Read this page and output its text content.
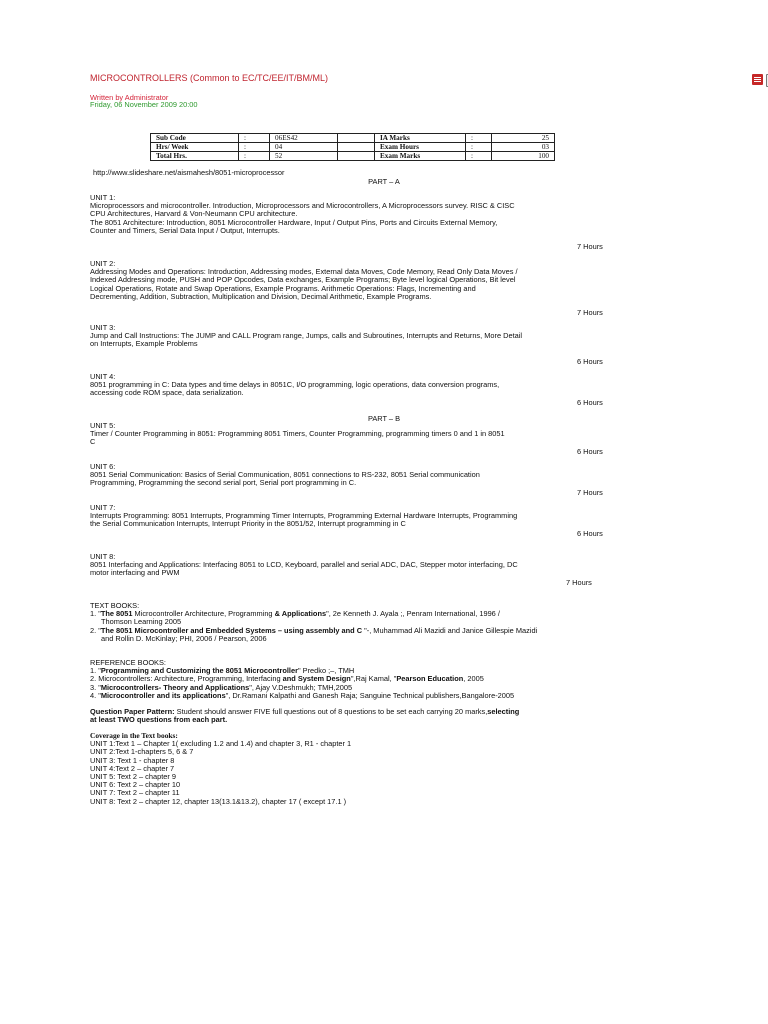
MICROCONTROLLERS (Common to EC/TC/EE/IT/BM/ML)
Written by Administrator
Friday, 06 November 2009 20:00
Sub Code	:	06ES42		IA Marks	:	25
Hrs/ Week	:	04		Exam Hours	:	03
Total Hrs.	:	52		Exam Marks	:	100
http://www.slideshare.net/aismahesh/8051-microprocessor
PART – A
UNIT 1:
Microprocessors and microcontroller. Introduction, Microprocessors and Microcontrollers, A Microprocessors survey. RISC & CISC
CPU Architectures, Harvard & Von-Neumann CPU architecture.
The 8051 Architecture: Introduction, 8051 Microcontroller Hardware, Input / Output Pins, Ports and Circuits External Memory,
Counter and Timers, Serial Data Input / Output, Interrupts.
7 Hours
UNIT 2:
Addressing Modes and Operations: Introduction, Addressing modes, External data Moves, Code Memory, Read Only Data Moves /
Indexed Addressing mode, PUSH and POP Opcodes, Data exchanges, Example Programs; Byte level logical Operations, Bit level
Logical Operations, Rotate and Swap Operations, Example Programs. Arithmetic Operations: Flags, Incrementing and
Decrementing, Addition, Subtraction, Multiplication and Division, Decimal Arithmetic, Example Programs.
7 Hours
UNIT 3:
Jump and Call Instructions: The JUMP and CALL Program range, Jumps, calls and Subroutines, Interrupts and Returns, More Detail
on Interrupts, Example Problems
6 Hours
UNIT 4:
8051 programming in C: Data types and time delays in 8051C, I/O programming, logic operations, data conversion programs,
accessing code ROM space, data serialization.
6 Hours
PART – B
UNIT 5:
Timer / Counter Programming in 8051: Programming 8051 Timers, Counter Programming, programming timers 0 and 1 in 8051
C
6 Hours
UNIT 6:
8051 Serial Communication: Basics of Serial Communication, 8051 connections to RS-232, 8051 Serial communication
Programming, Programming the second serial port, Serial port programming in C.
7 Hours
UNIT 7:
Interrupts Programming: 8051 Interrupts, Programming Timer Interrupts, Programming External Hardware Interrupts, Programming
the Serial Communication Interrupts, Interrupt Priority in the 8051/52, Interrupt programming in C
6 Hours
UNIT 8:
8051 Interfacing and Applications: Interfacing 8051 to LCD, Keyboard, parallel and serial ADC, DAC, Stepper motor interfacing, DC
motor interfacing and PWM
7 Hours
TEXT BOOKS:
1. "The 8051 Microcontroller Architecture, Programming & Applications", 2e Kenneth J. Ayala ;, Penram International, 1996 /
Thomson Learning 2005
2. "The 8051 Microcontroller and Embedded Systems – using assembly and C "-, Muhammad Ali Mazidi and Janice Gillespie Mazidi
and Rollin D. McKinlay; PHI, 2006 / Pearson, 2006
REFERENCE BOOKS:
1. "Programming and Customizing the 8051 Microcontroller" Predko ;–, TMH
2. Microcontrollers: Architecture, Programming, Interfacing and System Design",Raj Kamal, "Pearson Education, 2005
3. "Microcontrollers- Theory and Applications", Ajay V.Deshmukh; TMH,2005
4. "Microcontroller and its applications", Dr.Ramani Kalpathi and Ganesh Raja; Sanguine Technical publishers,Bangalore-2005
Question Paper Pattern: Student should answer FIVE full questions out of 8 questions to be set each carrying 20 marks,selecting
at least TWO questions from each part.
Coverage in the Text books:
UNIT 1:Text 1 – Chapter 1( excluding 1.2 and 1.4) and chapter 3, R1 - chapter 1
UNIT 2:Text 1-chapters 5, 6 & 7
UNIT 3: Text 1 - chapter 8
UNIT 4:Text 2 – chapter 7
UNIT 5: Text 2 – chapter 9
UNIT 6: Text 2 – chapter 10
UNIT 7: Text 2 – chapter 11
UNIT 8: Text 2 – chapter 12, chapter 13(13.1&13.2), chapter 17 ( except 17.1 )
